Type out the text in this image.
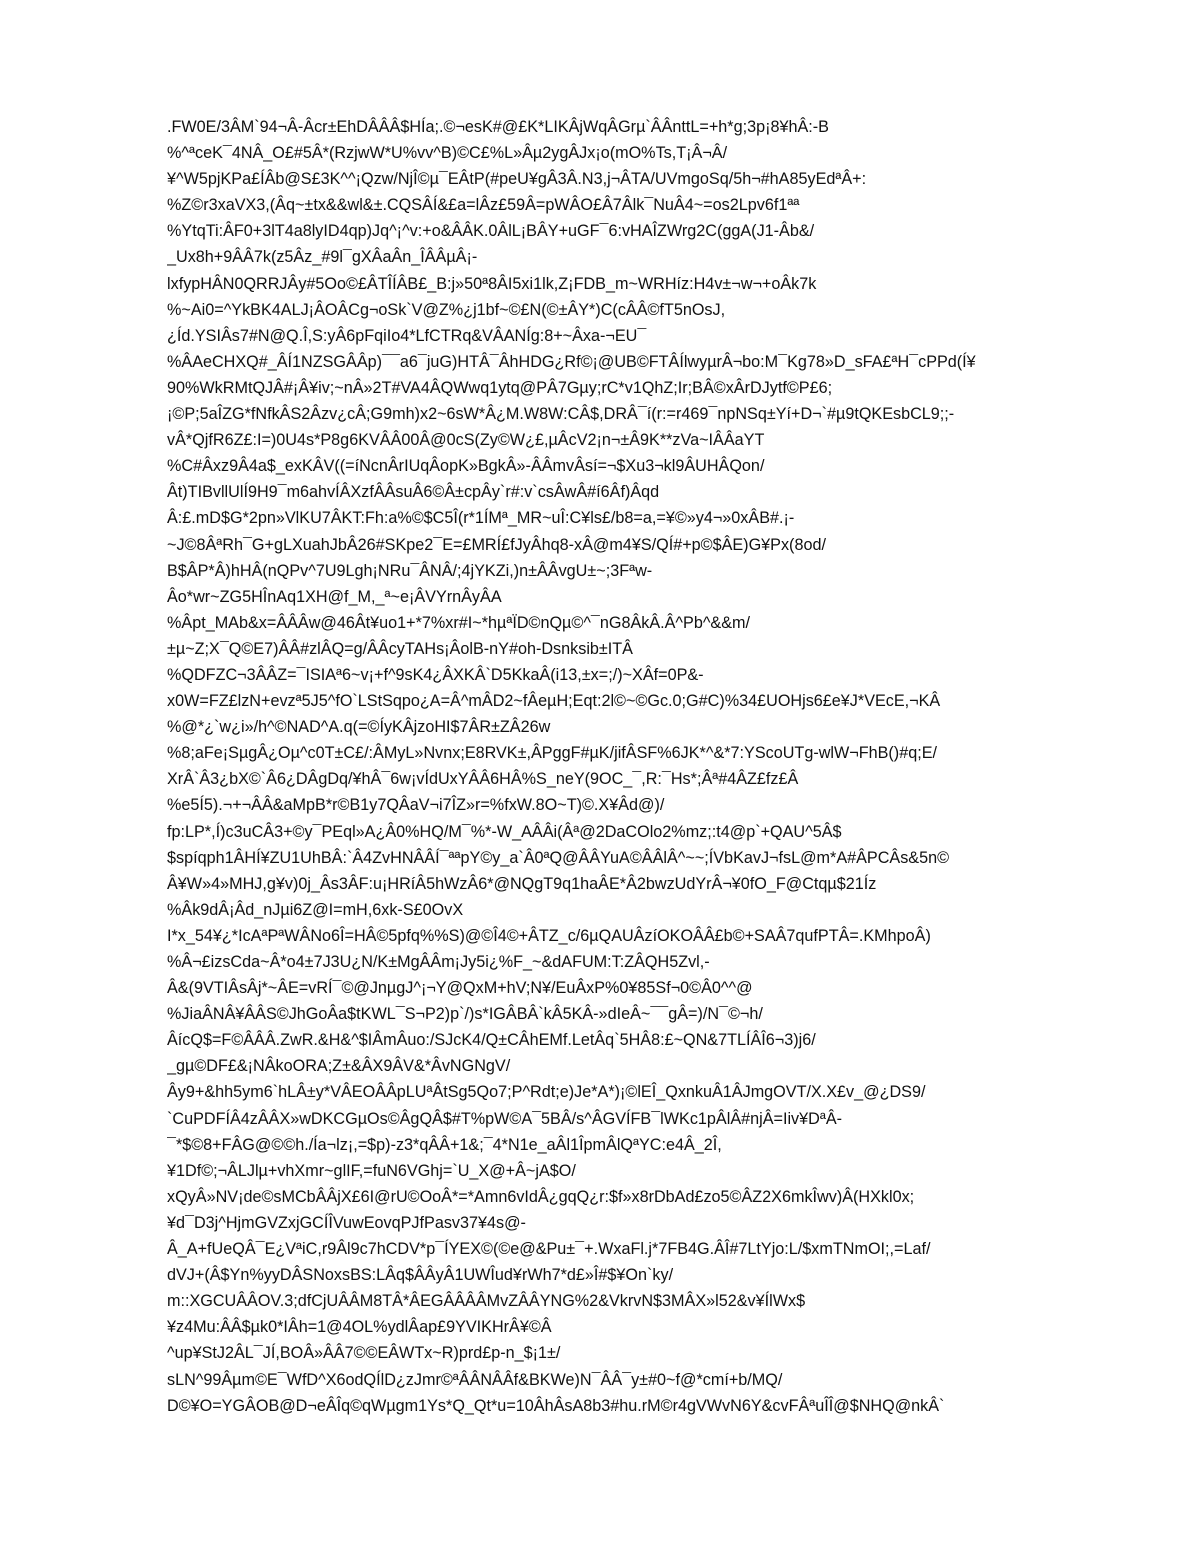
.FW0E/3ÂM`94¬Â-Âcr±EhDÂÂÂ$HÍa;.©¬esK#@£K*LIKÂjWqÂGrµ`ÂÂnttL=+h*g;3p¡8¥hÂ:-B
%^ªceK¯4NÂ_O£#5Â*(RzjwW*U%vv^B)©C£%L»Âµ2ygÂJx¡o(mO%Ts,T¡Â¬Â/
¥^W5pjKPa£ÍÂb@S£3K^^¡Qzw/NjÎ©µ¯EÂtP(#peU¥gÂ3Â.N3,j¬ÂTA/UVmgoSq/5h¬#hA85yEdªÂ+:
%Z©r3xaVX3,(Âq~±tx&&wl&±.CQSÂÍ&£a=lÂz£59Â=pWÂO£Â7Âlk¯NuÂ4~=os2Lpv6f1ªª
%YtqTi:ÂF0+3lT4a8lyID4qp)Jq^¡^v:+o&ÂÂK.0ÂlL¡BÂY+uGF¯6:vHAÎZWrg2C(ggA(J1-Âb&/
_Ux8h+9ÂÂ7k(z5Âz_#9l¯gXÂaÂn_ÎÂÂµÂ¡-
lxfypHÂN0QRRJÂy#5Oo©£ÂTÎÍÂB£_B:j»50ª8ÂI5xi1lk,Z¡FDB_m~WRHíz:H4v±¬w¬+oÂk7k
%~Ai0=^YkBK4ALJ¡ÂOÂCg¬oSk`V@Z%¿j1bf~©£N(©±ÂY*)C(cÂÂ©fT5nOsJ,
¿Íd.YSIÂs7#N@Q.Î,S:yÂ6pFqiIo4*LfCTRq&VÂANÍg:8+~Âxa-¬EU¯
%ÂAeCHXQ#_ÂÍ1NZSGÂÂp)¯¯a6¯juG)HTÂ¯ÂhHDG¿Rf©¡@UB©FTÂÍlwyµrÂ¬bo:M¯Kg78»D_sFA£ªH¯cPPd(Í¥
90%WkRMtQJÂ#¡Â¥iv;~nÂ»2T#VA4ÂQWwq1ytq@PÂ7Gµy;rC*v1QhZ;Ir;BÂ©xÂrDJytf©P£6;
¡©P;5aÎZG*fNfkÂS2Âzv¿cÂ;G9mh)x2~6sW*Â¿M.W8W:CÂ$,DRÂ¯í(r:=r469¯npNSq±Yí+D¬`#µ9tQKEsbCL9;;-
vÂ*QjfR6Z£:I=)0U4s*P8g6KVÂÂ00Â@0cS(Zy©W¿£,µÂcV2¡n¬±Â9K**zVa~IÂÂaYT
%C#Âxz9Â4a$_exKÂV((=íNcnÂrIUqÂopK»BgkÂ»-ÂÂmvÂsí=¬$Xu3¬kl9ÂUHÂQon/
Ât)TIBvllUlÍ9H9¯m6ahvÍÂXzfÂÂsuÂ6©Â±cpÂy`r#:v`csÂwÂ#í6Âf)Âqd
Â:£.mD$G*2pn»VlKU7ÂKT:Fh:a%©$C5Î(r*1ÍMª_MR~uÎ:C¥ls£/b8=a,=¥©»y4¬»0xÂB#.¡-
~J©8ÂªRh¯G+gLXuahJbÂ26#SKpe2¯E=£MRÍ£fJyÂhq8-xÂ@m4¥S/QÍ#+p©$ÂE)G¥Px(8od/
B$ÂP*Â)hHÂ(nQPv^7U9Lgh¡NRu¯ÂNÂ/;4jYKZi,)n±ÂÂvgU±~;3Fªw-
Âo*wr~ZG5HÎnAq1XH@f_M,_ª~e¡ÂVYrnÂyÂA
%Âpt_MAb&x=ÂÂÂw@46Ât¥uo1+*7%xr#I~*hµªÏD©nQµ©^¯nG8ÂkÂ.Â^Pb^&&m/
±µ~Z;X¯Q©E7)ÂÂ#zlÂQ=g/ÂÂcyTAHs¡ÂolB-nY#oh-Dsnksib±ITÂ
%QDFZC¬3ÂÂZ=¯ISIAª6~v¡+f^9sK4¿ÂXKÂ`D5KkaÂ(i13,±x=;/)~XÂf=0P&-
x0W=FZ£lzN+evzª5J5^fO`LStSqpo¿A=Â^mÂD2~fÂeµH;Eqt:2l©~©Gc.0;G#C)%34£UOHjs6£e¥J*VEcE,¬KÂ
%@*¿`w¿i»/h^©NAD^A.q(=©ÍyKÂjzoHI$7ÂR±ZÂ26w
%8;aFe¡SµgÂ¿Oµ^c0T±C£/:ÂMyL»Nvnx;E8RVK±,ÂPggF#µK/jifÂSF%6JK*^&*7:YScoUTg-wlW¬FhB()#q;E/
XrÂ`Â3¿bX©`Â6¿DÂgDq/¥hÂ¯6w¡vÍdUxYÂÂ6HÂ%S_neY(9OC_¯,R:¯Hs*;Âª#4ÂZ£fz£Â
%e5Í5).¬+¬ÂÂ&aMpB*r©B1y7QÂaV¬i7ÎZ»r=%fxW.8O~T)©.X¥Âd@)/
fp:LP*,Í)c3uCÂ3+©y¯PEql»A¿Â0%HQ/M¯%*-W_AÂÂi(Âª@2DaCOlo2%mz;:t4@p`+QAU^5Â$
$spíqph1ÂHÍ¥ZU1UhBÂ:`Â4ZvHNÂÂÍ¯ªªpY©y_a`Â0ªQ@ÂÂYuA©ÂÂlÂ^~~;ÍVbKavJ¬fsL@m*A#ÂPCÂs&5n©
Â¥W»4»MHJ,g¥v)0j_Âs3ÂF:u¡HRíÂ5hWzÂ6*@NQgT9q1haÂE*Â2bwzUdYrÂ¬¥0fO_F@Ctqµ$21Íz
%Âk9dÂ¡Âd_nJµi6Z@I=mH,6xk-S£0OvX
I*x_54¥¿*IcAªPªWÂNo6Î=HÂ©5pfq%%S)@©Î4©+ÂTZ_c/6µQAUÂzíOKOÂÂ£b©+SAÂ7qufPTÂ=.KMhpoÂ)
%Â¬£izsCda~Â*o4±7J3U¿N/K±MgÂÂm¡Jy5i¿%F_~&dAFUM:T:ZÂQH5Zvl,-
Â&(9VTIÂsÂj*~ÂE=vRÍ¯©@JnµgJ^¡¬Y@QxM+hV;N¥/EuÂxP%0¥85Sf¬0©Â0^^@
%JiaÂNÂ¥ÂÂS©JhGoÂa$tKWL¯S¬P2)p`/)s*IGÂBÂ`kÂ5KÂ-»dIeÂ~¯¯gÂ=)/N¯©¬h/
ÂícQ$=F©ÂÂÂ.ZwR.&H&^$IÂmÂuo:/SJcK4/Q±CÂhEMf.LetÂq`5HÂ8:£~QN&7TLÍÂÎ6¬3)j6/
_gµ©DF£&¡NÂkoORA;Z±&ÂX9ÂV&*ÂvNGNgV/
Ây9+&hh5ym6`hLÂ±y*VÂEOÂÂpLUªÂtSg5Qo7;P^Rdt;e)Je*A*)¡©lEÎ_QxnkuÂ1ÂJmgOVT/X.X£v_@¿DS9/
`CuPDFÍÂ4zÂÂX»wDKCGµOs©ÂgQÂ$#T%pW©A¯5BÂ/s^ÂGVÍFB¯lWKc1pÂlÂ#njÂ=Iiv¥DªÂ-
¯*$©8+FÂG@©©h./Ía¬lz¡,=$p)-z3*qÂÂ+1&;¯4*N1e_aÂl1ÎpmÂlQªYC:e4Â_2Î,
¥1Df©;¬ÂLJlµ+vhXmr~glIF,=fuN6VGhj=`U_X@+Â~jA$O/
xQyÂ»NV¡de©sMCbÂÂjX£6I@rU©OoÂ*=*Amn6vIdÂ¿gqQ¿r:$f»x8rDbAd£zo5©ÂZ2X6mkÎwv)Â(HXkl0x;
¥d¯D3j^HjmGVZxjGCÍÎVuwEovqPJfPasv37¥4s@-
Â_A+fUeQÂ¯E¿VªiC,r9Âl9c7hCDV*p¯ÍYEX©(©e@&Pu±¯+.WxaFl.j*7FB4G.ÂÎ#7LtYjo:L/$xmTNmOI;,=Laf/
dVJ+(Â$Yn%yyDÂSNoxsBS:LÂq$ÂÂyÂ1UWÎud¥rWh7*d£»Î#$¥On`ky/
m::XGCUÂÂOV.3;dfCjUÂÂM8TÂ*ÂEGÂÂÂÂMvZÂÂYNG%2&VkrvN$3MÂX»l52&v¥ÍlWx$
¥z4Mu:ÂÂ$µk0*IÂh=1@4OL%ydlÂap£9YVIKHrÂ¥©Â
^up¥StJ2ÂL¯JÍ,BOÂ»ÂÂ7©©EÂWTx~R)prd£p-n_$¡1±/
sLN^99Âµm©E¯WfD^X6odQÍlD¿zJmr©ªÂÂNÂÂf&BKWe)N¯ÂÂ¯y±#0~f@*cmí+b/MQ/
D©¥O=YGÂOB@D¬eÂÎq©qWµgm1Ys*Q_Qt*u=10ÂhÂsA8b3#hu.rM©r4gVWvN6Y&cvFÂªuÎÎ@$NHQ@nkÂ`
